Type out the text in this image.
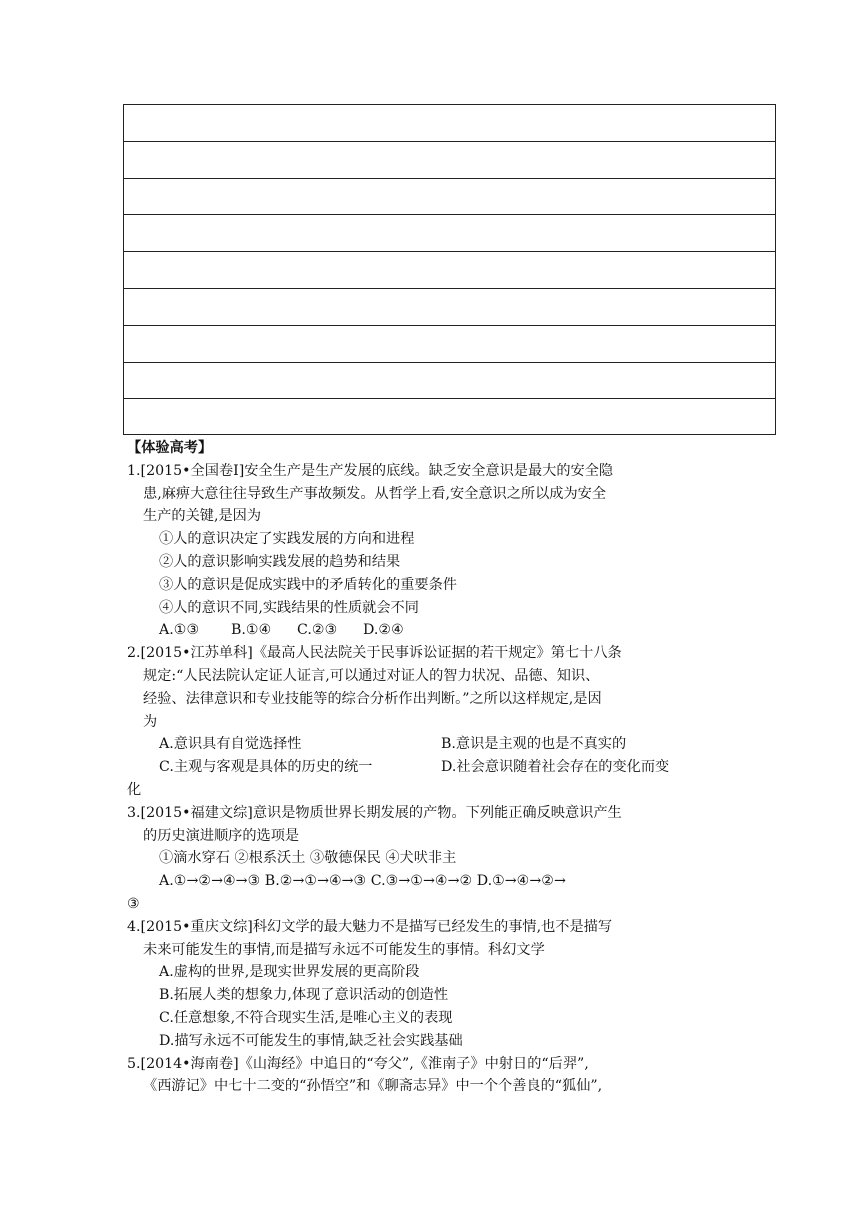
【体验高考】
1.[2015•全国卷Ⅰ]安全生产是生产发展的底线。缺乏安全意识是最大的安全隐
患,麻痹大意往往导致生产事故频发。从哲学上看,安全意识之所以成为安全
生产的关键,是因为
①人的意识决定了实践发展的方向和进程
②人的意识影响实践发展的趋势和结果
③人的意识是促成实践中的矛盾转化的重要条件
④人的意识不同,实践结果的性质就会不同
A.①③ B.①④ C.②③ D.②④
2.[2015•江苏单科]《最高人民法院关于民事诉讼证据的若干规定》第七十八条
规定:“人民法院认定证人证言,可以通过对证人的智力状况、品德、知识、
经验、法律意识和专业技能等的综合分析作出判断。”之所以这样规定,是因
为
A.意识具有自觉选择性	B.意识是主观的也是不真实的
C.主观与客观是具体的历史的统一	D.社会意识随着社会存在的变化而变
化
3.[2015•福建文综]意识是物质世界长期发展的产物。下列能正确反映意识产生
的历史演进顺序的选项是
①滴水穿石 ②根系沃土 ③敬德保民 ④犬吠非主
A.①→②→④→③ B.②→①→④→③ C.③→①→④→② D.①→④→②→
③
4.[2015•重庆文综]科幻文学的最大魅力不是描写已经发生的事情,也不是描写
未来可能发生的事情,而是描写永远不可能发生的事情。科幻文学
A.虚构的世界,是现实世界发展的更高阶段
B.拓展人类的想象力,体现了意识活动的创造性
C.任意想象,不符合现实生活,是唯心主义的表现
D.描写永远不可能发生的事情,缺乏社会实践基础
5.[2014•海南卷]《山海经》中追日的“夸父”,《淮南子》中射日的“后羿”,
《西游记》中七十二变的“孙悟空”和《聊斋志异》中一个个善良的“狐仙”,
